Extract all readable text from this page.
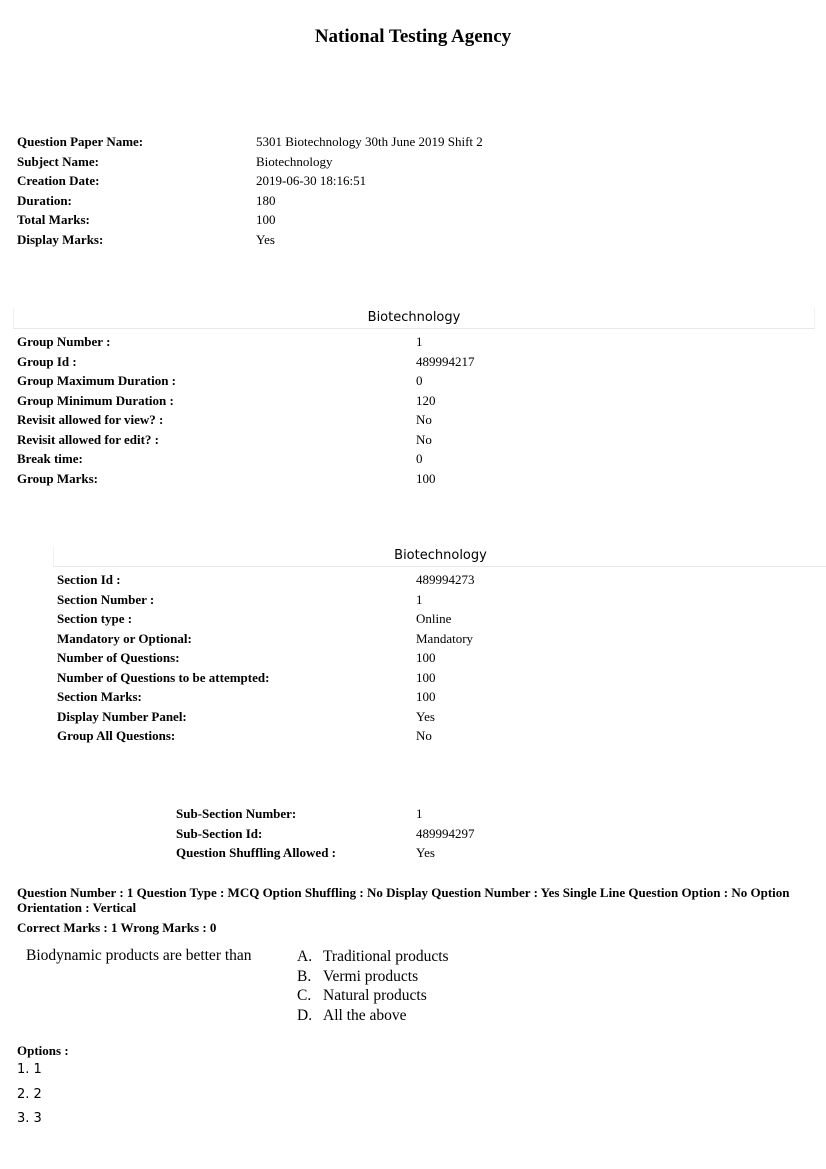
National Testing Agency
Question Paper Name:	5301 Biotechnology 30th June 2019 Shift 2
Subject Name:	Biotechnology
Creation Date:	2019-06-30 18:16:51
Duration:	180
Total Marks:	100
Display Marks:	Yes
Biotechnology
Group Number :	1
Group Id :	489994217
Group Maximum Duration :	0
Group Minimum Duration :	120
Revisit allowed for view? :	No
Revisit allowed for edit? :	No
Break time:	0
Group Marks:	100
Biotechnology
Section Id :	489994273
Section Number :	1
Section type :	Online
Mandatory or Optional:	Mandatory
Number of Questions:	100
Number of Questions to be attempted:	100
Section Marks:	100
Display Number Panel:	Yes
Group All Questions:	No
Sub-Section Number:	1
Sub-Section Id:	489994297
Question Shuffling Allowed :	Yes
Question Number : 1 Question Type : MCQ Option Shuffling : No Display Question Number : Yes Single Line Question Option : No Option Orientation : Vertical
Correct Marks : 1 Wrong Marks : 0
Biodynamic products are better than	A. Traditional products
B. Vermi products
C. Natural products
D. All the above
Options :
1. 1
2. 2
3. 3
